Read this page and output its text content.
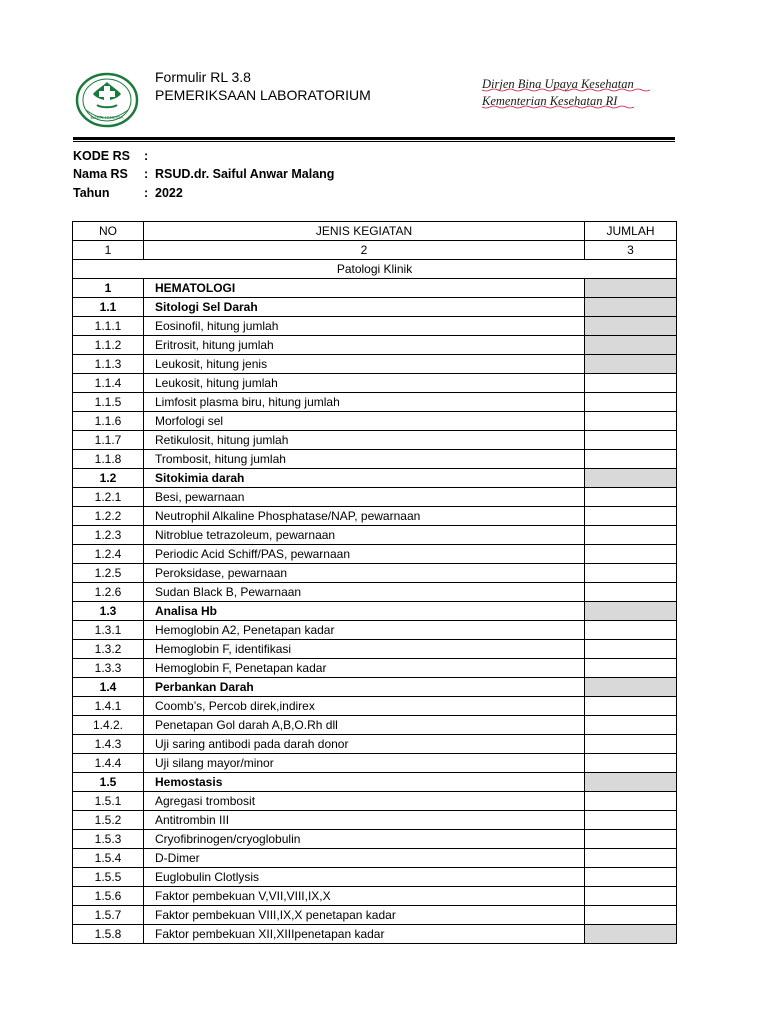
BAKTI HUSADA
Formulir RL 3.8
PEMERIKSAAN LABORATORIUM
Dirjen Bina Upaya Kesehatan
Kementerian Kesehatan RI
KODE RS :
Nama RS : RSUD.dr. Saiful Anwar Malang
Tahun	: 2022
NO	JENIS KEGIATAN	JUMLAH
1	2	3
Patologi Klinik		
1	HEMATOLOGI	
1.1	Sitologi Sel Darah	
1.1.1	Eosinofil, hitung jumlah	
1.1.2	Eritrosit, hitung jumlah	
1.1.3	Leukosit, hitung jenis	
1.1.4	Leukosit, hitung jumlah	
1.1.5	Limfosit plasma biru, hitung jumlah	
1.1.6	Morfologi sel	
1.1.7	Retikulosit, hitung jumlah	
1.1.8	Trombosit, hitung jumlah	
1.2	Sitokimia darah	
1.2.1	Besi, pewarnaan	
1.2.2	Neutrophil Alkaline Phosphatase/NAP, pewarnaan	
1.2.3	Nitroblue tetrazoleum, pewarnaan	
1.2.4	Periodic Acid Schiff/PAS, pewarnaan	
1.2.5	Peroksidase, pewarnaan	
1.2.6	Sudan Black B, Pewarnaan	
1.3	Analisa Hb	
1.3.1	Hemoglobin A2, Penetapan kadar	
1.3.2	Hemoglobin F, identifikasi	
1.3.3	Hemoglobin F, Penetapan kadar	
1.4	Perbankan Darah	
1.4.1	Coomb’s, Percob direk,indirex	
1.4.2.	Penetapan Gol darah A,B,O.Rh dll	
1.4.3	Uji saring antibodi pada darah donor	
1.4.4	Uji silang mayor/minor	
1.5	Hemostasis	
1.5.1	Agregasi trombosit	
1.5.2	Antitrombin III	
1.5.3	Cryofibrinogen/cryoglobulin	
1.5.4	D-Dimer	
1.5.5	Euglobulin Clotlysis	
1.5.6	Faktor pembekuan V,VII,VIII,IX,X	
1.5.7	Faktor pembekuan VIII,IX,X penetapan kadar	
1.5.8	Faktor pembekuan XII,XIIIpenetapan kadar	
